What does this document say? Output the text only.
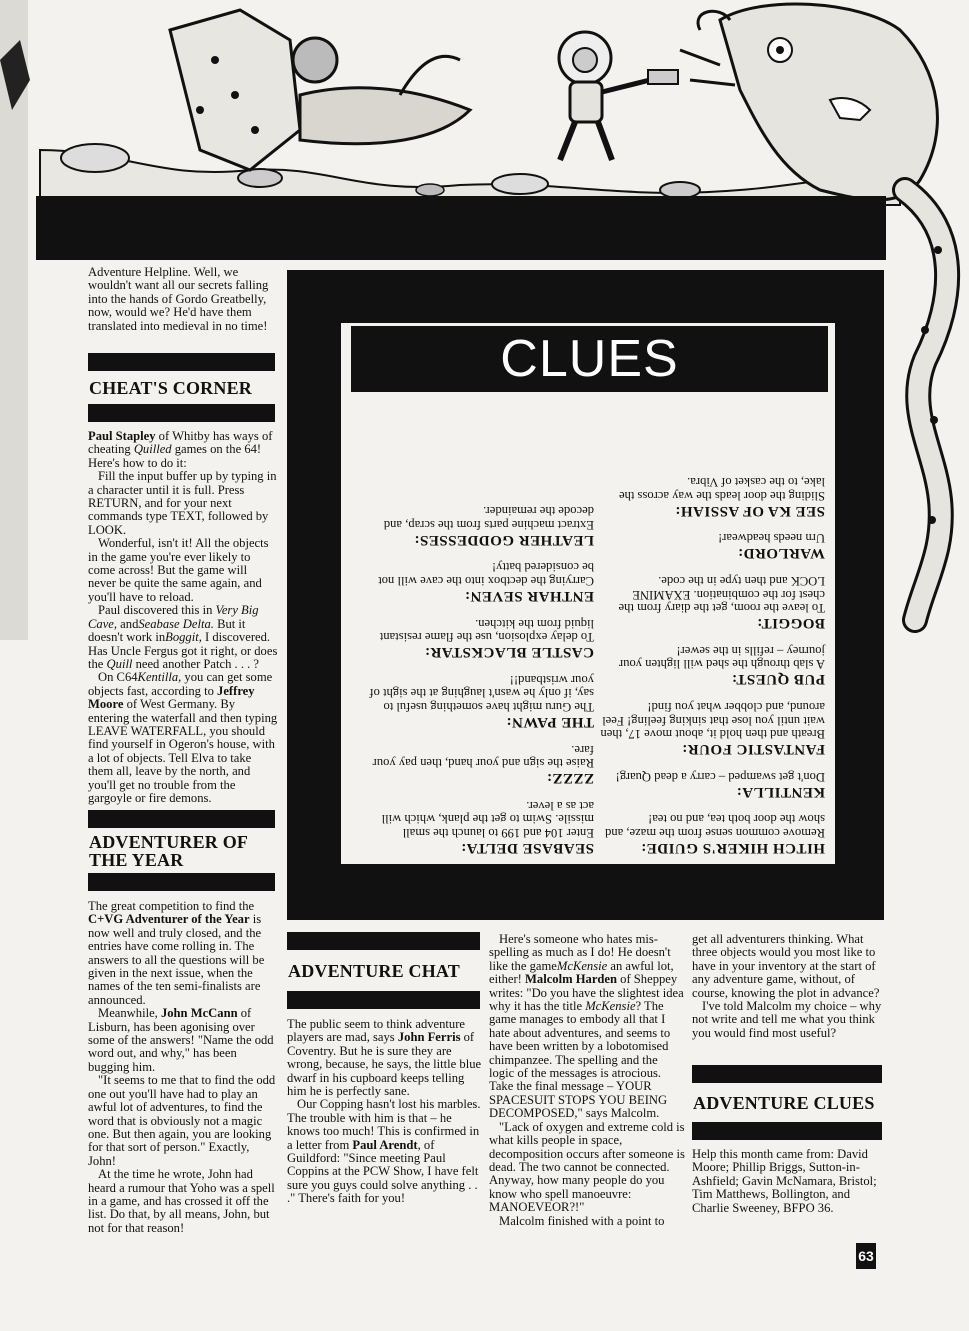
Adventure Helpline. Well, we wouldn't want all our secrets falling into the hands of Gordo Greatbelly, now, would we? He'd have them translated into medieval in no time!

CHEAT'S CORNER

Paul Stapley of Whitby has ways of cheating Quilled games on the 64! Here's how to do it:

Fill the input buffer up by typing in a character until it is full. Press RETURN, and for your next commands type TEXT, followed by LOOK.

Wonderful, isn't it! All the objects in the game you're ever likely to come across! But the game will never be quite the same again, and you'll have to reload.

Paul discovered this in Very Big Cave, andSeabase Delta. But it doesn't work inBoggit, I discovered. Has Uncle Fergus got it right, or does the Quill need another Patch . . . ?

On C64Kentilla, you can get some objects fast, according to Jeffrey Moore of West Germany. By entering the waterfall and then typing LEAVE WATERFALL, you should find yourself in Ogeron's house, with a lot of objects. Tell Elva to take them all, leave by the north, and you'll get no trouble from the gargoyle or fire demons.

ADVENTURER OF
THE YEAR

The great competition to find the C+VG Adventurer of the Year is now well and truly closed, and the entries have come rolling in. The answers to all the questions will be given in the next issue, when the names of the ten semi-finalists are announced.

Meanwhile, John McCann of Lisburn, has been agonising over some of the answers! "Name the odd word out, and why," has been bugging him.

"It seems to me that to find the odd one out you'll have had to play an awful lot of adventures, to find the word that is obviously not a magic one. But then again, you are looking for that sort of person." Exactly, John!

At the time he wrote, John had heard a rumour that Yoho was a spell in a game, and has crossed it off the list. Do that, by all means, John, but not for that reason!

CLUES
HITCH HIKER'S GUIDE:
Remove common sense from the maze, and show the door both tea, and no tea!
KENTILLA:
Don't get swamped – carry a dead Quarg!
FANTASTIC FOUR:
Breath and then hold it, about move 17, then wait until you lose that sinking feeling! Feel around, and clobber what you find!
PUB QUEST:
A slab through the shed will lighten your journey – refills in the sewer!
BOGGIT:
To leave the room, get the diary from the chest for the combination. EXAMINE LOCK and then type in the code.
WARLORD:
Urn needs headwear!
SEE KA OF ASSIAH:
Sliding the door leads the way across the lake, to the casket of Vibra.
SEABASE DELTA:
Enter 104 and 199 to launch the small missile. Swim to get the plank, which will act as a lever.
ZZZZ:
Raise the sign and your hand, then pay your fare.
THE PAWN:
The Guru might have something useful to say, if only he wasn't laughing at the sight of your wristband!!
CASTLE BLACKSTAR:
To delay explosion, use the flame resistant liquid from the kitchen.
ENTHAR SEVEN:
Carrying the dectbox into the cave will not be considered batty!
LEATHER GODDESSES:
Extract machine parts from the scrap, and decode the remainder.
ADVENTURE CHAT

The public seem to think adventure players are mad, says John Ferris of Coventry. But he is sure they are wrong, because, he says, the little blue dwarf in his cupboard keeps telling him he is perfectly sane.

Our Copping hasn't lost his marbles. The trouble with him is that – he knows too much! This is confirmed in a letter from Paul Arendt, of Guildford: "Since meeting Paul Coppins at the PCW Show, I have felt sure you guys could solve anything . . ." There's faith for you!

Here's someone who hates mis-spelling as much as I do! He doesn't like the gameMcKensie an awful lot, either! Malcolm Harden of Sheppey writes: "Do you have the slightest idea why it has the title McKensie? The game manages to embody all that I hate about adventures, and seems to have been written by a lobotomised chimpanzee. The spelling and the logic of the messages is atrocious. Take the final message – YOUR SPACESUIT STOPS YOU BEING DECOMPOSED," says Malcolm.

"Lack of oxygen and extreme cold is what kills people in space, decomposition occurs after someone is dead. The two cannot be connected. Anyway, how many people do you know who spell manoeuvre: MANOEVEOR?!"

Malcolm finished with a point to

get all adventurers thinking. What three objects would you most like to have in your inventory at the start of any adventure game, without, of course, knowing the plot in advance?

I've told Malcolm my choice – why not write and tell me what you think you would find most useful?

ADVENTURE CLUES

Help this month came from: David Moore; Phillip Briggs, Sutton-in-Ashfield; Gavin McNamara, Bristol; Tim Matthews, Bollington, and Charlie Sweeney, BFPO 36.

63
